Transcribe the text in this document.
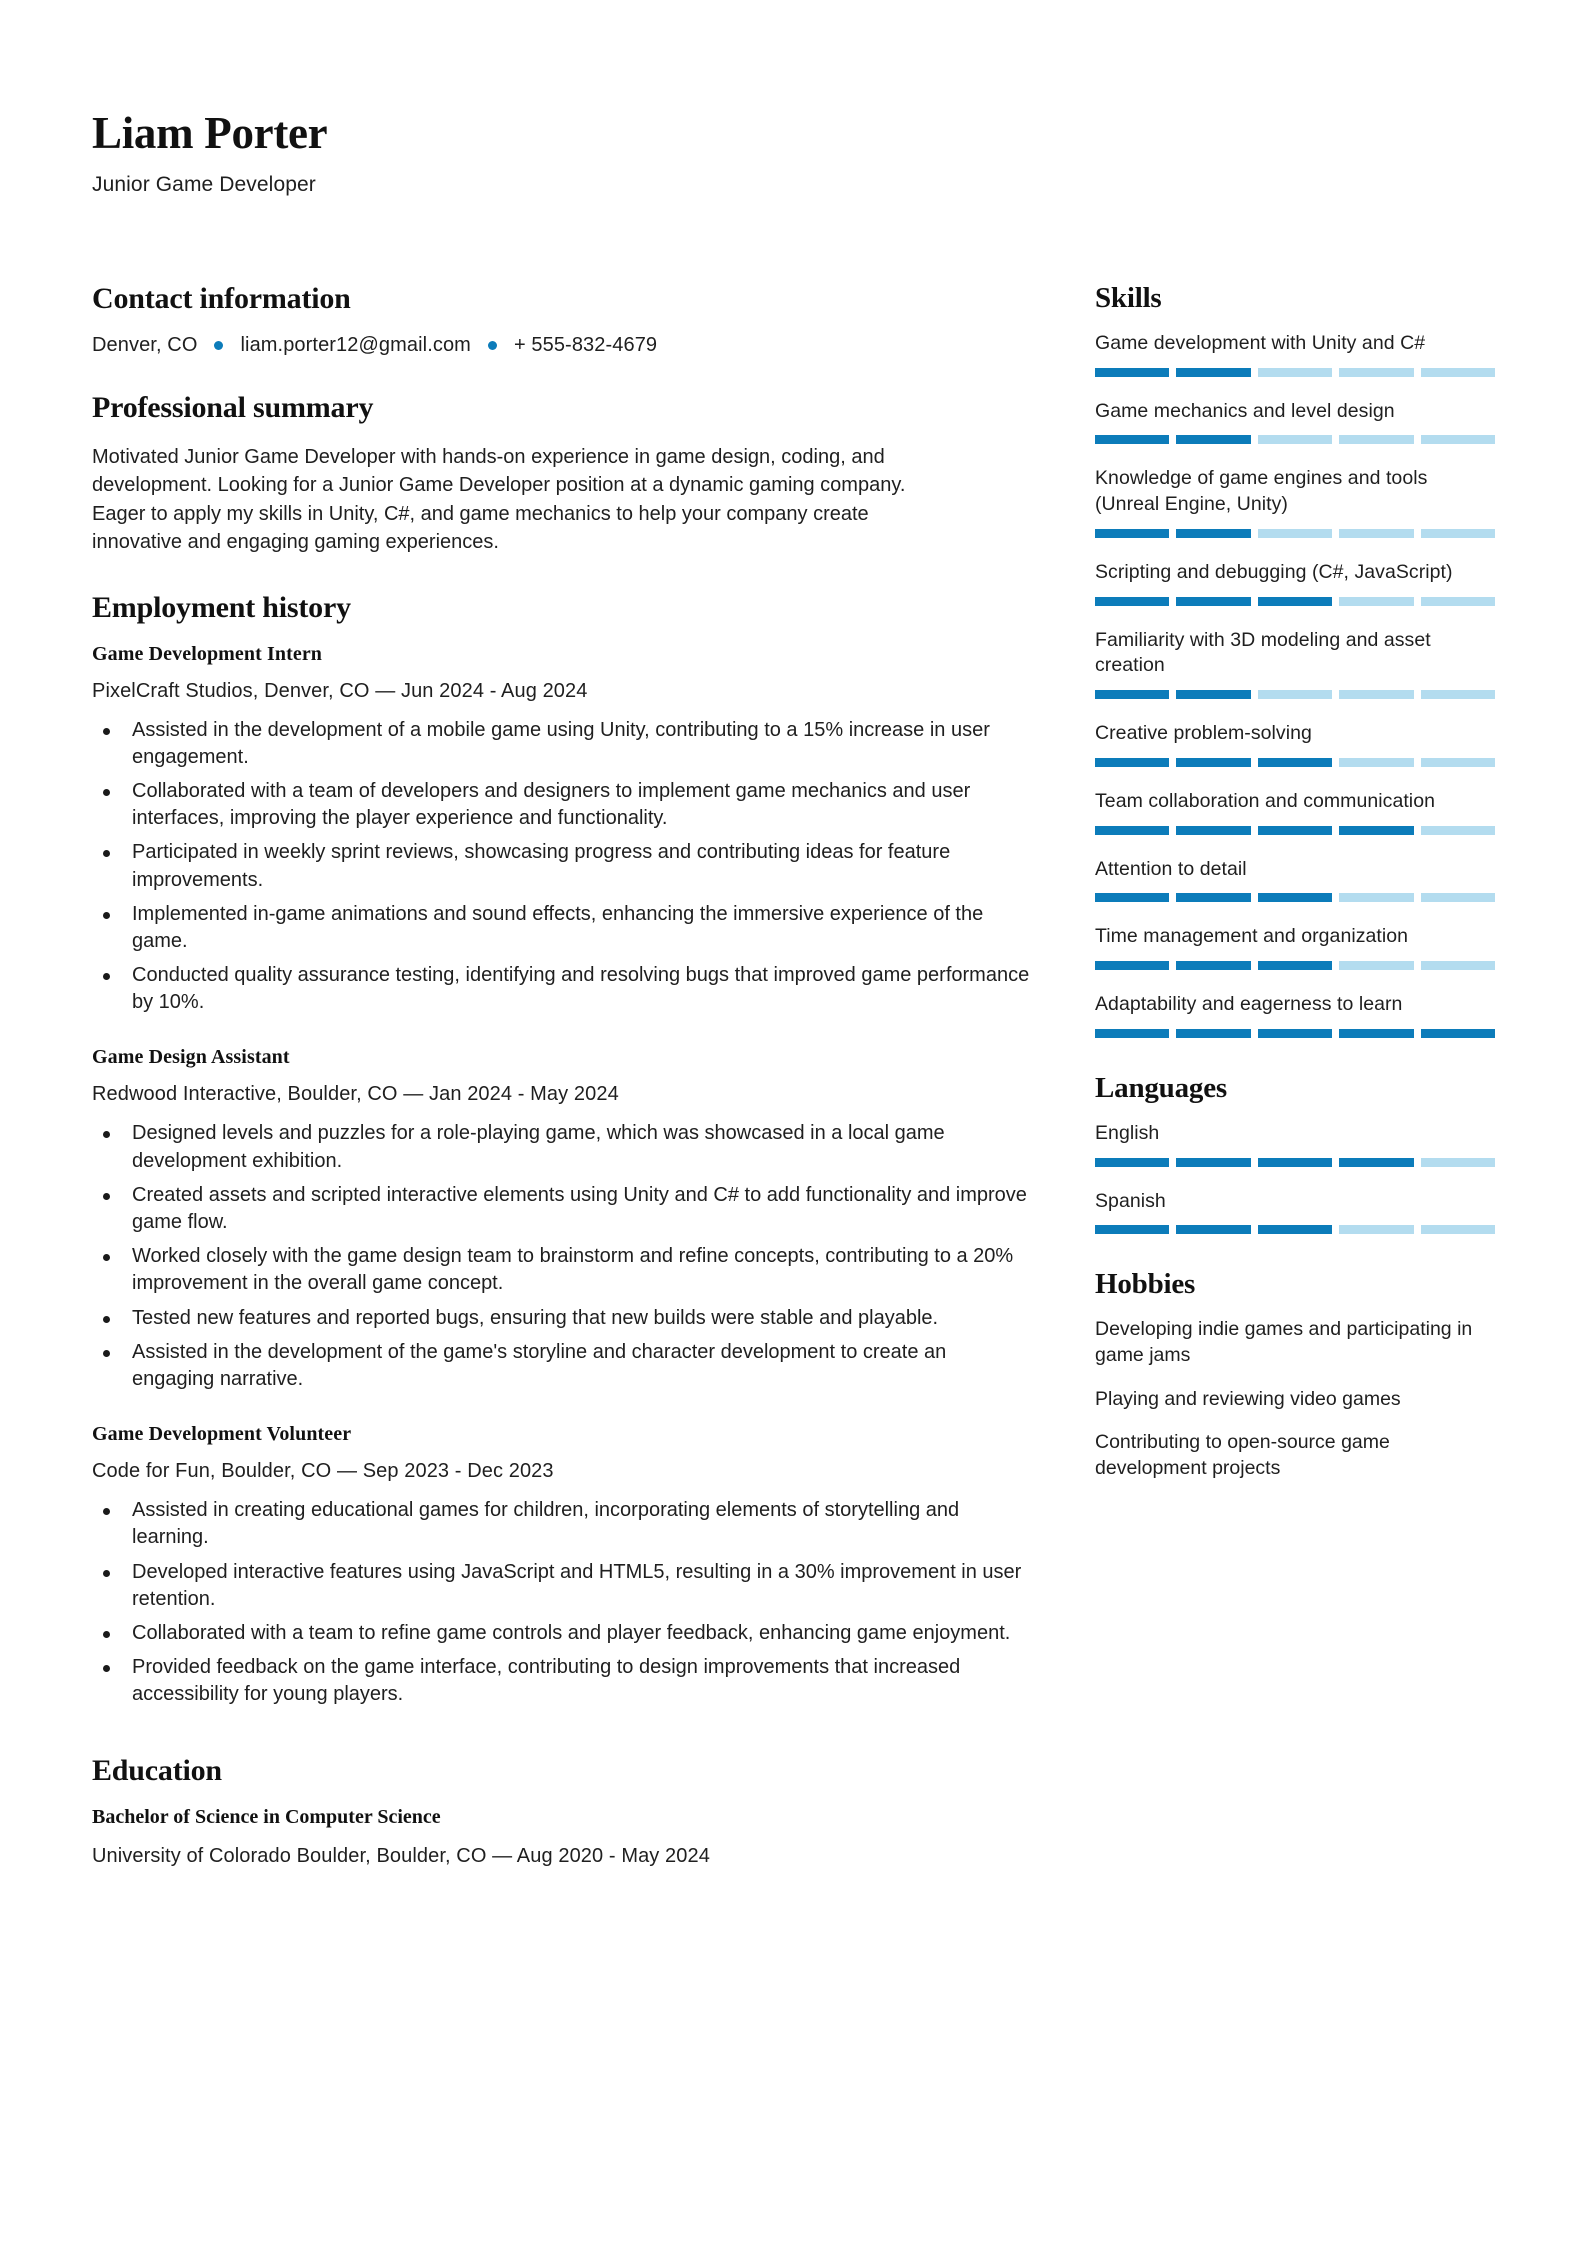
Liam Porter
Junior Game Developer
Contact information
Denver, CO liam.porter12@gmail.com + 555-832-4679
Professional summary
Motivated Junior Game Developer with hands-on experience in game design, coding, and development. Looking for a Junior Game Developer position at a dynamic gaming company. Eager to apply my skills in Unity, C#, and game mechanics to help your company create innovative and engaging gaming experiences.
Employment history
Game Development Intern
PixelCraft Studios, Denver, CO — Jun 2024 - Aug 2024
Assisted in the development of a mobile game using Unity, contributing to a 15% increase in user engagement.
Collaborated with a team of developers and designers to implement game mechanics and user interfaces, improving the player experience and functionality.
Participated in weekly sprint reviews, showcasing progress and contributing ideas for feature improvements.
Implemented in-game animations and sound effects, enhancing the immersive experience of the game.
Conducted quality assurance testing, identifying and resolving bugs that improved game performance by 10%.
Game Design Assistant
Redwood Interactive, Boulder, CO — Jan 2024 - May 2024
Designed levels and puzzles for a role-playing game, which was showcased in a local game development exhibition.
Created assets and scripted interactive elements using Unity and C# to add functionality and improve game flow.
Worked closely with the game design team to brainstorm and refine concepts, contributing to a 20% improvement in the overall game concept.
Tested new features and reported bugs, ensuring that new builds were stable and playable.
Assisted in the development of the game's storyline and character development to create an engaging narrative.
Game Development Volunteer
Code for Fun, Boulder, CO — Sep 2023 - Dec 2023
Assisted in creating educational games for children, incorporating elements of storytelling and learning.
Developed interactive features using JavaScript and HTML5, resulting in a 30% improvement in user retention.
Collaborated with a team to refine game controls and player feedback, enhancing game enjoyment.
Provided feedback on the game interface, contributing to design improvements that increased accessibility for young players.
Education
Bachelor of Science in Computer Science
University of Colorado Boulder, Boulder, CO — Aug 2020 - May 2024
Skills
Game development with Unity and C#
Game mechanics and level design
Knowledge of game engines and tools (Unreal Engine, Unity)
Scripting and debugging (C#, JavaScript)
Familiarity with 3D modeling and asset creation
Creative problem-solving
Team collaboration and communication
Attention to detail
Time management and organization
Adaptability and eagerness to learn
Languages
English
Spanish
Hobbies
Developing indie games and participating in game jams
Playing and reviewing video games
Contributing to open-source game development projects
